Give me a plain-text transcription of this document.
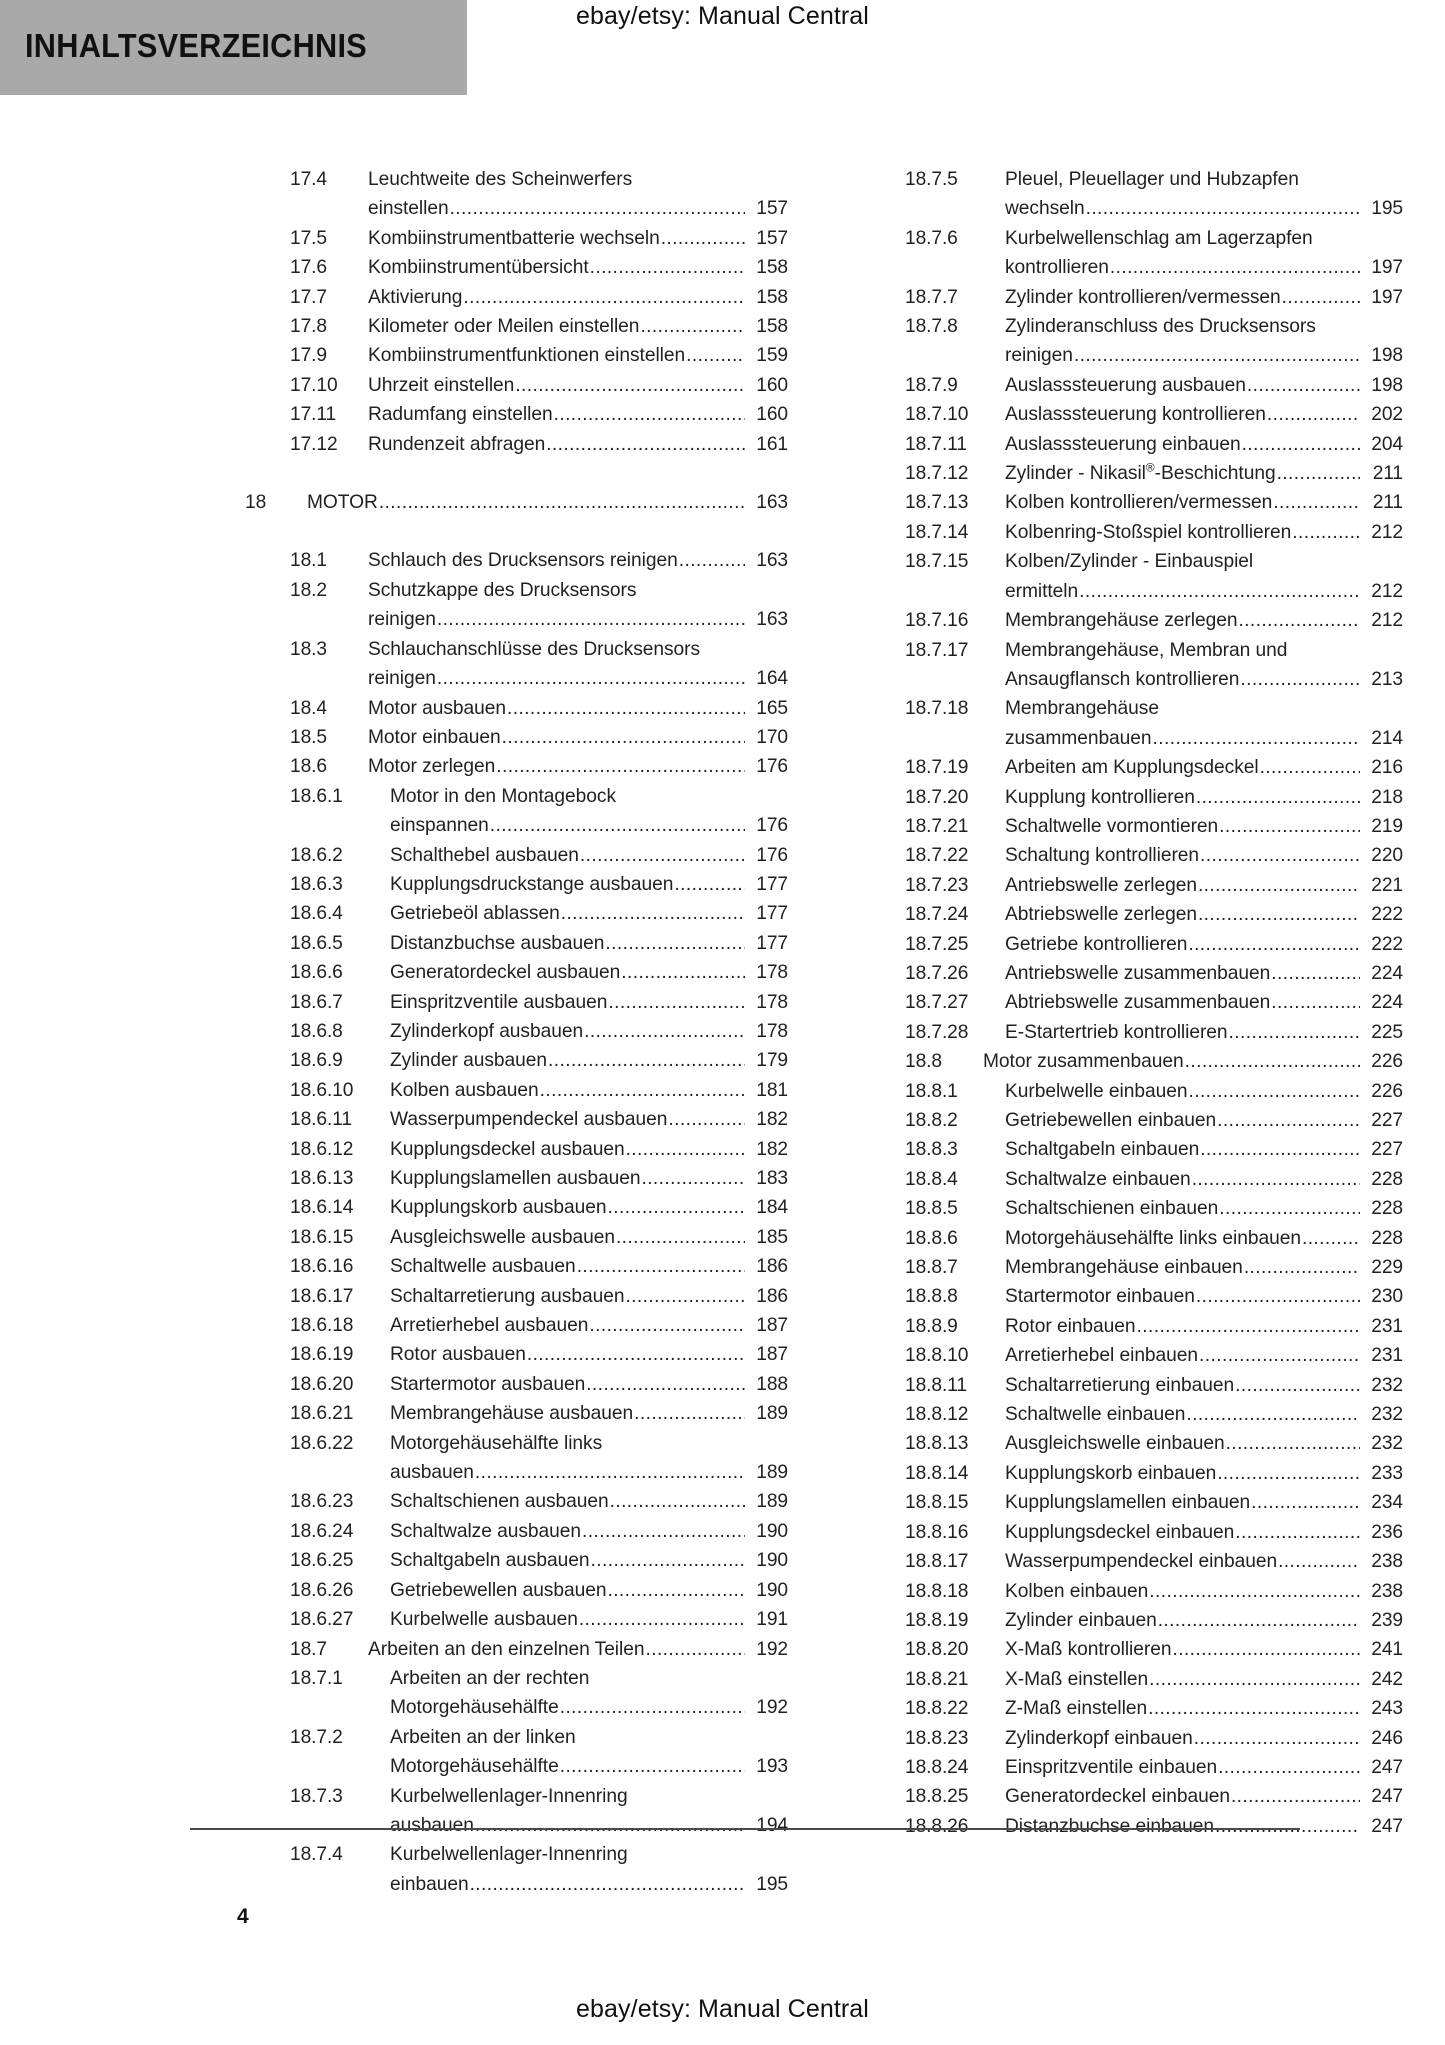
ebay/etsy: Manual Central
INHALTSVERZEICHNIS
17.4	Leuchtweite des Scheinwerfers
einstellen .....	157
17.5	Kombiinstrumentbatterie wechseln .....	157
17.6	Kombiinstrumentübersicht .....	158
17.7	Aktivierung .....	158
17.8	Kilometer oder Meilen einstellen .....	158
17.9	Kombiinstrumentfunktionen einstellen .....	159
17.10	Uhrzeit einstellen .....	160
17.11	Radumfang einstellen .....	160
17.12	Rundenzeit abfragen .....	161
18	MOTOR .....	163
18.1	Schlauch des Drucksensors reinigen .....	163
18.2	Schutzkappe des Drucksensors
reinigen .....	163
18.3	Schlauchanschlüsse des Drucksensors
reinigen .....	164
18.4	Motor ausbauen .....	165
18.5	Motor einbauen .....	170
18.6	Motor zerlegen .....	176
18.6.1	Motor in den Montagebock
einspannen .....	176
18.6.2	Schalthebel ausbauen .....	176
18.6.3	Kupplungsdruckstange ausbauen .....	177
18.6.4	Getriebeöl ablassen .....	177
18.6.5	Distanzbuchse ausbauen .....	177
18.6.6	Generatordeckel ausbauen .....	178
18.6.7	Einspritzventile ausbauen .....	178
18.6.8	Zylinderkopf ausbauen .....	178
18.6.9	Zylinder ausbauen .....	179
18.6.10	Kolben ausbauen .....	181
18.6.11	Wasserpumpendeckel ausbauen .....	182
18.6.12	Kupplungsdeckel ausbauen .....	182
18.6.13	Kupplungslamellen ausbauen .....	183
18.6.14	Kupplungskorb ausbauen .....	184
18.6.15	Ausgleichswelle ausbauen .....	185
18.6.16	Schaltwelle ausbauen .....	186
18.6.17	Schaltarretierung ausbauen .....	186
18.6.18	Arretierhebel ausbauen .....	187
18.6.19	Rotor ausbauen .....	187
18.6.20	Startermotor ausbauen .....	188
18.6.21	Membrangehäuse ausbauen .....	189
18.6.22	Motorgehäusehälfte links
ausbauen .....	189
18.6.23	Schaltschienen ausbauen .....	189
18.6.24	Schaltwalze ausbauen .....	190
18.6.25	Schaltgabeln ausbauen .....	190
18.6.26	Getriebewellen ausbauen .....	190
18.6.27	Kurbelwelle ausbauen .....	191
18.7	Arbeiten an den einzelnen Teilen .....	192
18.7.1	Arbeiten an der rechten
Motorgehäusehälfte .....	192
18.7.2	Arbeiten an der linken
Motorgehäusehälfte .....	193
18.7.3	Kurbelwellenlager-Innenring
ausbauen .....	194
18.7.4	Kurbelwellenlager-Innenring
einbauen .....	195
18.7.5	Pleuel, Pleuellager und Hubzapfen
wechseln .....	195
18.7.6	Kurbelwellenschlag am Lagerzapfen
kontrollieren .....	197
18.7.7	Zylinder kontrollieren/vermessen .....	197
18.7.8	Zylinderanschluss des Drucksensors
reinigen .....	198
18.7.9	Auslasssteuerung ausbauen .....	198
18.7.10	Auslasssteuerung kontrollieren .....	202
18.7.11	Auslasssteuerung einbauen .....	204
18.7.12	Zylinder - Nikasil®-Beschichtung .....	211
18.7.13	Kolben kontrollieren/vermessen .....	211
18.7.14	Kolbenring-Stoßspiel kontrollieren .....	212
18.7.15	Kolben/Zylinder - Einbauspiel
ermitteln .....	212
18.7.16	Membrangehäuse zerlegen .....	212
18.7.17	Membrangehäuse, Membran und
Ansaugflansch kontrollieren .....	213
18.7.18	Membrangehäuse
zusammenbauen .....	214
18.7.19	Arbeiten am Kupplungsdeckel .....	216
18.7.20	Kupplung kontrollieren .....	218
18.7.21	Schaltwelle vormontieren .....	219
18.7.22	Schaltung kontrollieren .....	220
18.7.23	Antriebswelle zerlegen .....	221
18.7.24	Abtriebswelle zerlegen .....	222
18.7.25	Getriebe kontrollieren .....	222
18.7.26	Antriebswelle zusammenbauen .....	224
18.7.27	Abtriebswelle zusammenbauen .....	224
18.7.28	E-Startertrieb kontrollieren .....	225
18.8	Motor zusammenbauen .....	226
18.8.1	Kurbelwelle einbauen .....	226
18.8.2	Getriebewellen einbauen .....	227
18.8.3	Schaltgabeln einbauen .....	227
18.8.4	Schaltwalze einbauen .....	228
18.8.5	Schaltschienen einbauen .....	228
18.8.6	Motorgehäusehälfte links einbauen .....	228
18.8.7	Membrangehäuse einbauen .....	229
18.8.8	Startermotor einbauen .....	230
18.8.9	Rotor einbauen .....	231
18.8.10	Arretierhebel einbauen .....	231
18.8.11	Schaltarretierung einbauen .....	232
18.8.12	Schaltwelle einbauen .....	232
18.8.13	Ausgleichswelle einbauen .....	232
18.8.14	Kupplungskorb einbauen .....	233
18.8.15	Kupplungslamellen einbauen .....	234
18.8.16	Kupplungsdeckel einbauen .....	236
18.8.17	Wasserpumpendeckel einbauen .....	238
18.8.18	Kolben einbauen .....	238
18.8.19	Zylinder einbauen .....	239
18.8.20	X-Maß kontrollieren .....	241
18.8.21	X-Maß einstellen .....	242
18.8.22	Z-Maß einstellen .....	243
18.8.23	Zylinderkopf einbauen .....	246
18.8.24	Einspritzventile einbauen .....	247
18.8.25	Generatordeckel einbauen .....	247
18.8.26	Distanzbuchse einbauen .....	247
4
ebay/etsy: Manual Central
